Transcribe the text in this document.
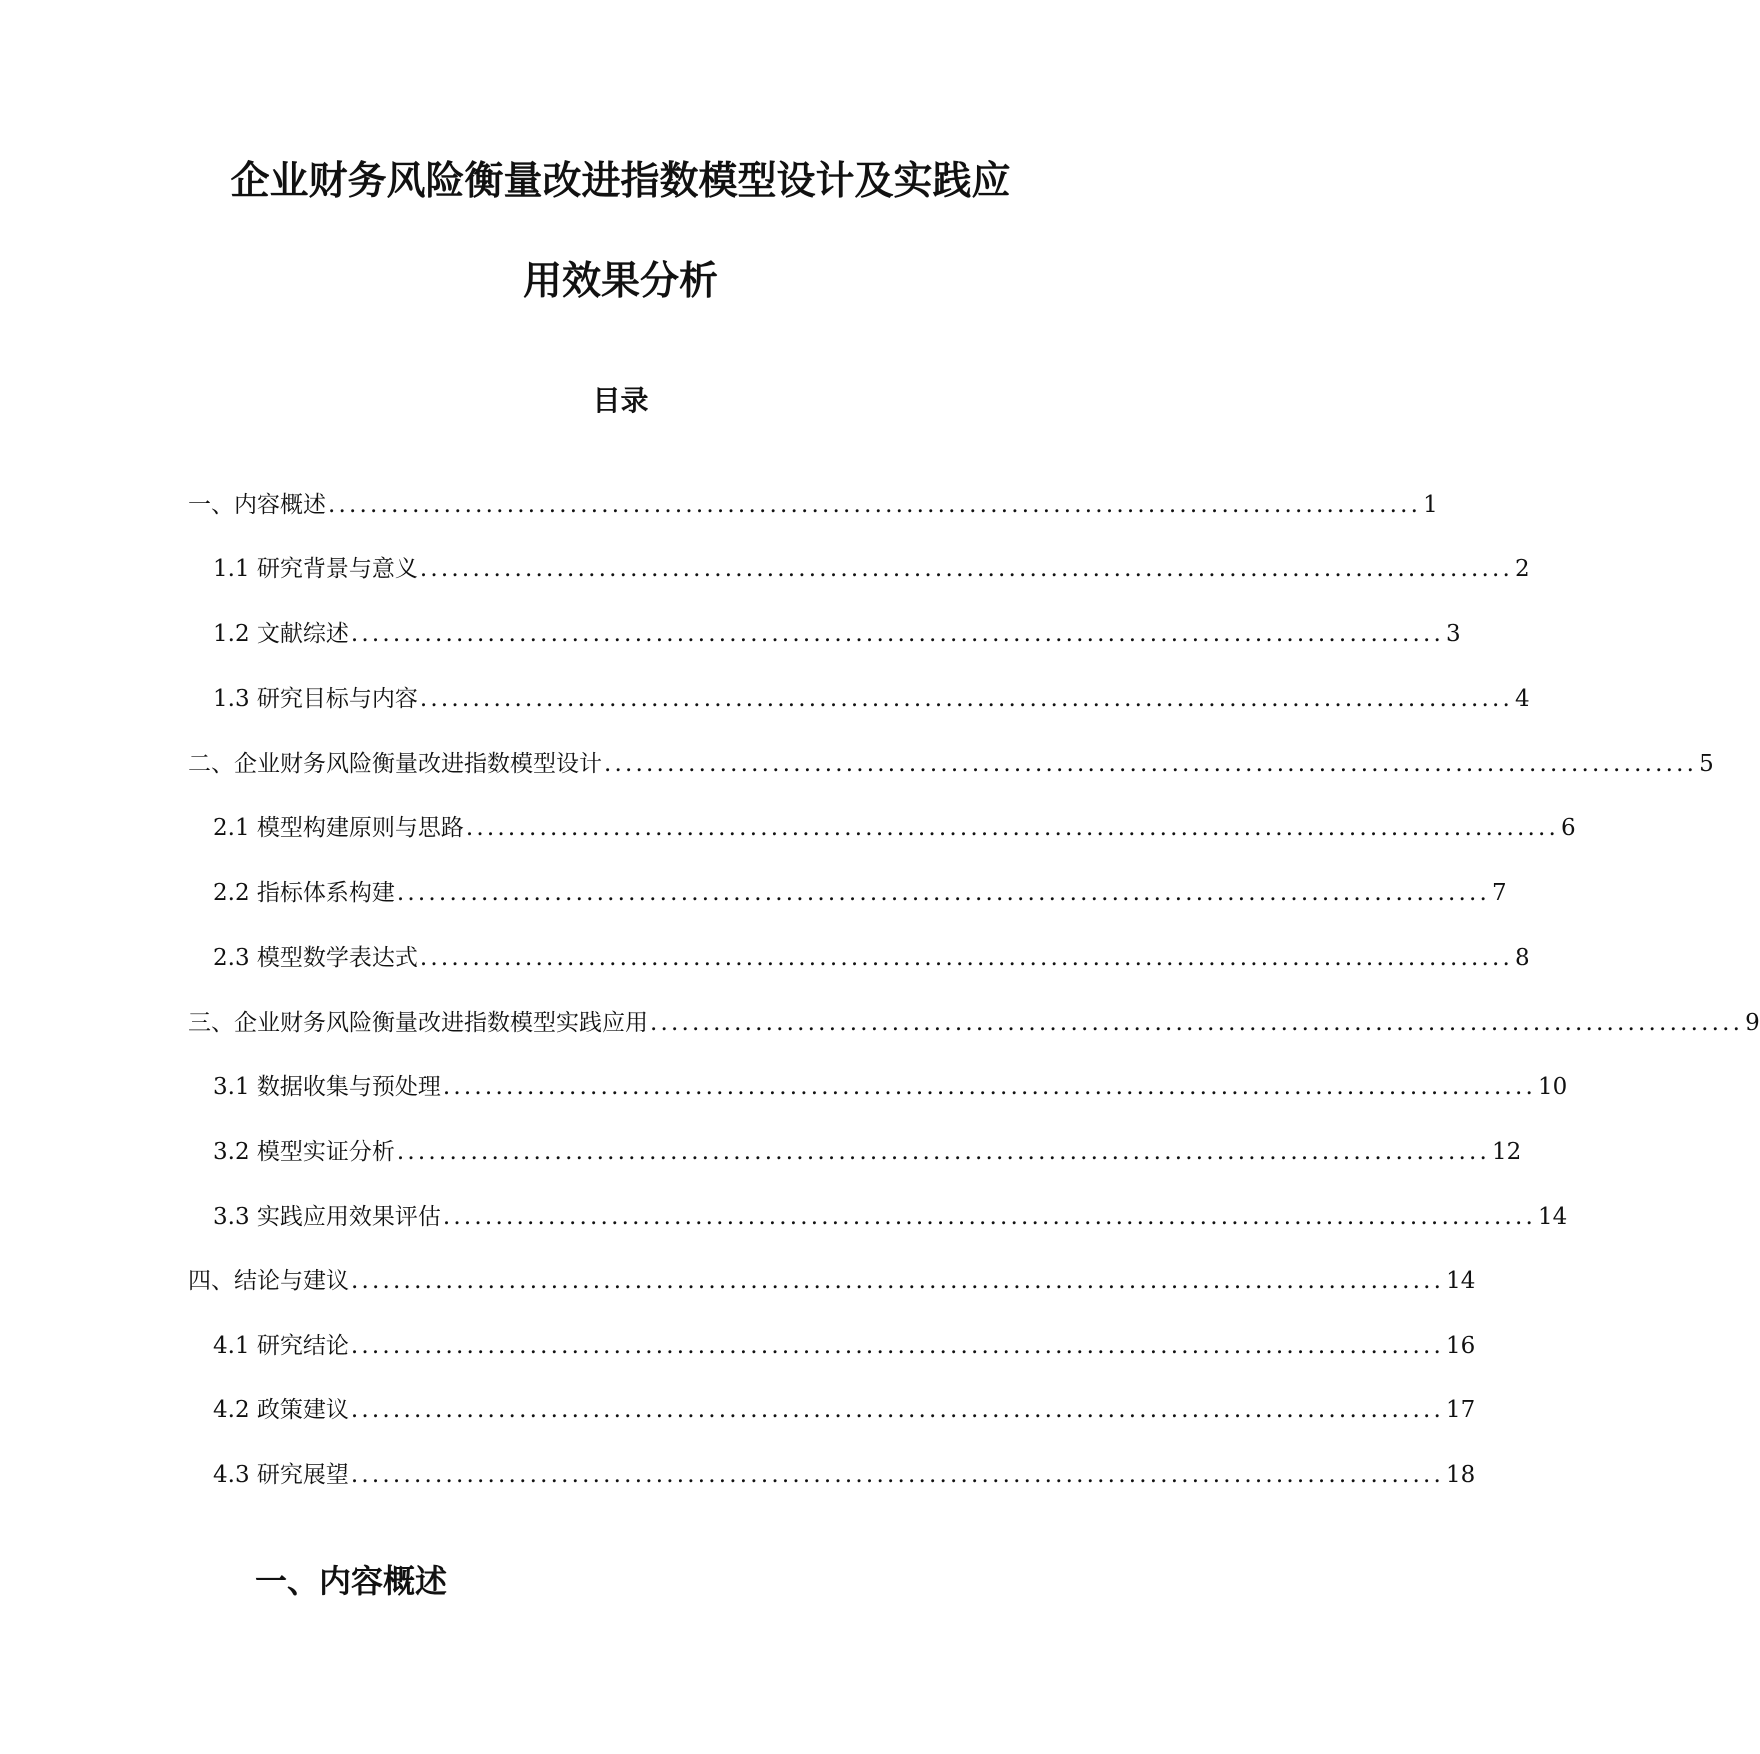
企业财务风险衡量改进指数模型设计及实践应
用效果分析
目录
一、内容概述 ........................................................................................................ 1
1.1 研究背景与意义 ........................................................................................................ 2
1.2 文献综述 ........................................................................................................ 3
1.3 研究目标与内容 ........................................................................................................ 4
二、企业财务风险衡量改进指数模型设计 ........................................................................................................ 5
2.1 模型构建原则与思路 ........................................................................................................ 6
2.2 指标体系构建 ........................................................................................................ 7
2.3 模型数学表达式 ........................................................................................................ 8
三、企业财务风险衡量改进指数模型实践应用 ........................................................................................................ 9
3.1 数据收集与预处理 ........................................................................................................ 10
3.2 模型实证分析 ........................................................................................................ 12
3.3 实践应用效果评估 ........................................................................................................ 14
四、结论与建议 ........................................................................................................ 14
4.1 研究结论 ........................................................................................................ 16
4.2 政策建议 ........................................................................................................ 17
4.3 研究展望 ........................................................................................................ 18
一、内容概述
